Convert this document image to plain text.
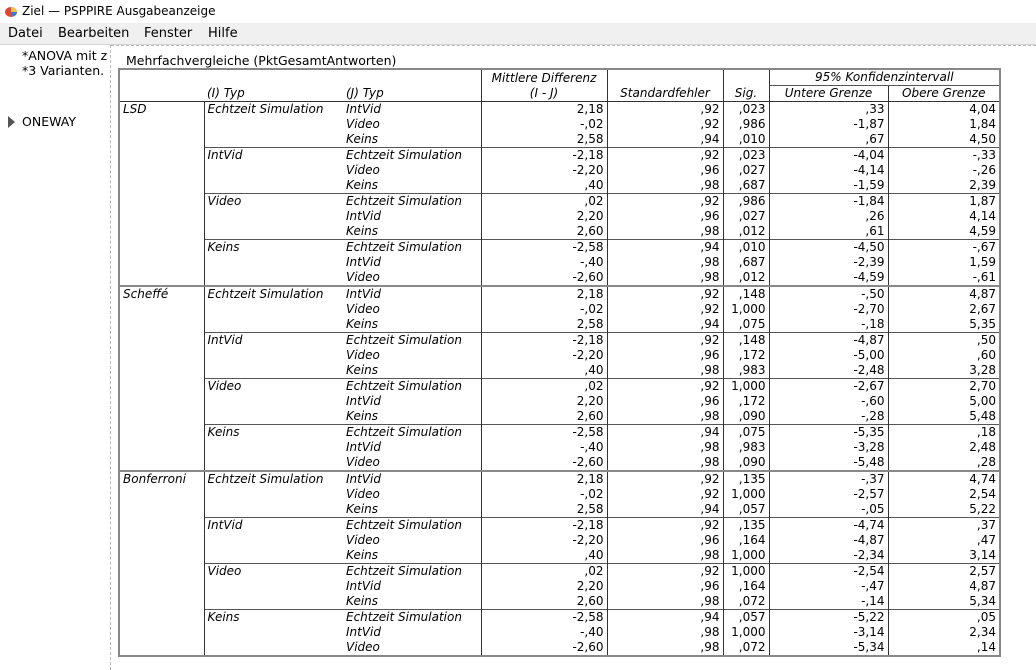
Ziel — PSPPIRE Ausgabeanzeige
Datei Bearbeiten Fenster Hilfe
*ANOVA mit z
*3 Varianten.
ONEWAY
Mehrfachvergleiche (PktGesamtAntworten)
			Mittlere Differenz			95% Konfidenzintervall	
	(I) Typ	(J) Typ	(I - J)	Standardfehler	Sig.	Untere Grenze	Obere Grenze
LSD	Echtzeit Simulation	IntVid	2,18	,92	,023	,33	4,04
		Video	-,02	,92	,986	-1,87	1,84
		Keins	2,58	,94	,010	,67	4,50
	IntVid	Echtzeit Simulation	-2,18	,92	,023	-4,04	-,33
		Video	-2,20	,96	,027	-4,14	-,26
		Keins	,40	,98	,687	-1,59	2,39
	Video	Echtzeit Simulation	,02	,92	,986	-1,84	1,87
		IntVid	2,20	,96	,027	,26	4,14
		Keins	2,60	,98	,012	,61	4,59
	Keins	Echtzeit Simulation	-2,58	,94	,010	-4,50	-,67
		IntVid	-,40	,98	,687	-2,39	1,59
		Video	-2,60	,98	,012	-4,59	-,61
Scheffé	Echtzeit Simulation	IntVid	2,18	,92	,148	-,50	4,87
		Video	-,02	,92	1,000	-2,70	2,67
		Keins	2,58	,94	,075	-,18	5,35
	IntVid	Echtzeit Simulation	-2,18	,92	,148	-4,87	,50
		Video	-2,20	,96	,172	-5,00	,60
		Keins	,40	,98	,983	-2,48	3,28
	Video	Echtzeit Simulation	,02	,92	1,000	-2,67	2,70
		IntVid	2,20	,96	,172	-,60	5,00
		Keins	2,60	,98	,090	-,28	5,48
	Keins	Echtzeit Simulation	-2,58	,94	,075	-5,35	,18
		IntVid	-,40	,98	,983	-3,28	2,48
		Video	-2,60	,98	,090	-5,48	,28
Bonferroni	Echtzeit Simulation	IntVid	2,18	,92	,135	-,37	4,74
		Video	-,02	,92	1,000	-2,57	2,54
		Keins	2,58	,94	,057	-,05	5,22
	IntVid	Echtzeit Simulation	-2,18	,92	,135	-4,74	,37
		Video	-2,20	,96	,164	-4,87	,47
		Keins	,40	,98	1,000	-2,34	3,14
	Video	Echtzeit Simulation	,02	,92	1,000	-2,54	2,57
		IntVid	2,20	,96	,164	-,47	4,87
		Keins	2,60	,98	,072	-,14	5,34
	Keins	Echtzeit Simulation	-2,58	,94	,057	-5,22	,05
		IntVid	-,40	,98	1,000	-3,14	2,34
		Video	-2,60	,98	,072	-5,34	,14
